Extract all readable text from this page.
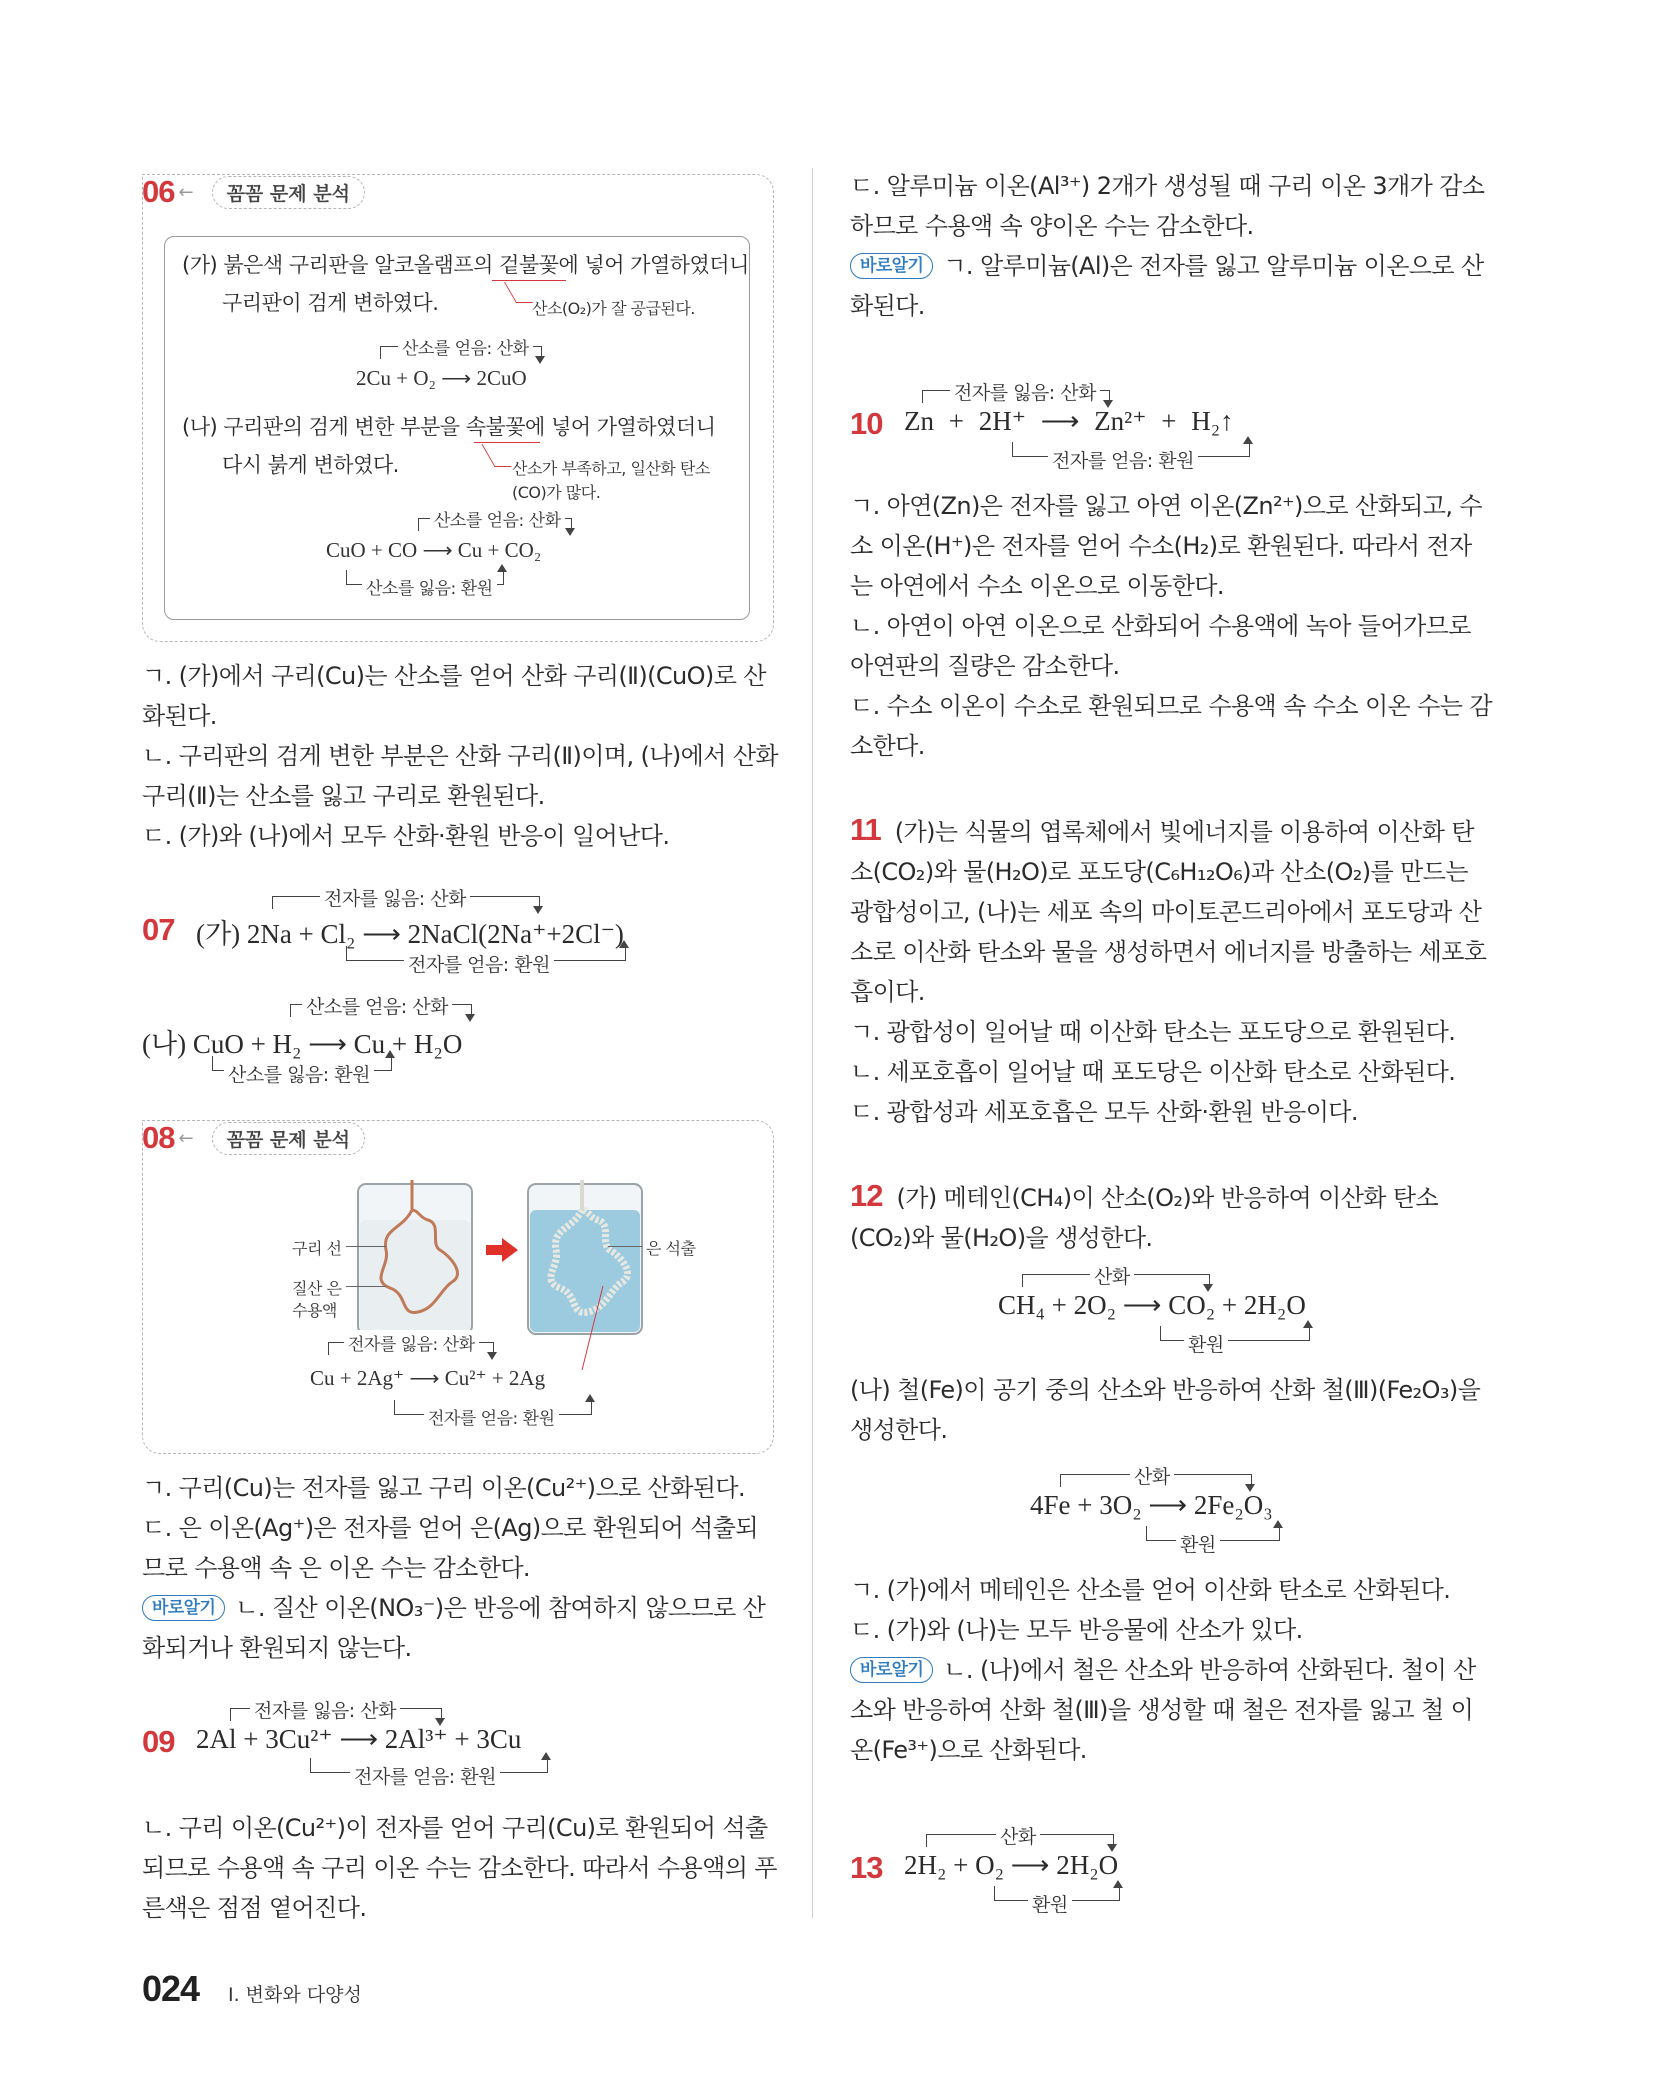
06 ←	꼼꼼 문제 분석
(가) 붉은색 구리판을 알코올램프의 겉불꽃에 넣어 가열하였더니
구리판이 검게 변하였다.	산소(O₂)가 잘 공급된다.
산소를 얻음: 산화
2Cu + O₂ ⟶ 2CuO
(나) 구리판의 검게 변한 부분을 속불꽃에 넣어 가열하였더니
다시 붉게 변하였다.	산소가 부족하고, 일산화 탄소
(CO)가 많다.
산소를 얻음: 산화
CuO + CO ⟶ Cu + CO₂
산소를 잃음: 환원
ㄱ. (가)에서 구리(Cu)는 산소를 얻어 산화 구리(Ⅱ)(CuO)로 산
화된다.
ㄴ. 구리판의 검게 변한 부분은 산화 구리(Ⅱ)이며, (나)에서 산화
구리(Ⅱ)는 산소를 잃고 구리로 환원된다.
ㄷ. (가)와 (나)에서 모두 산화·환원 반응이 일어난다.
전자를 잃음: 산화
07 (가) 2Na + Cl₂ ⟶ 2NaCl(2Na⁺+2Cl⁻)
전자를 얻음: 환원
산소를 얻음: 산화
(나) CuO + H₂ ⟶ Cu + H₂O
산소를 잃음: 환원
08 ←	꼼꼼 문제 분석
구리 선
질산 은
수용액
은 석출
전자를 잃음: 산화
Cu + 2Ag⁺ ⟶ Cu²⁺ + 2Ag
전자를 얻음: 환원
ㄱ. 구리(Cu)는 전자를 잃고 구리 이온(Cu²⁺)으로 산화된다.
ㄷ. 은 이온(Ag⁺)은 전자를 얻어 은(Ag)으로 환원되어 석출되
므로 수용액 속 은 이온 수는 감소한다.
바로알기 ㄴ. 질산 이온(NO₃⁻)은 반응에 참여하지 않으므로 산
화되거나 환원되지 않는다.
전자를 잃음: 산화
09 2Al + 3Cu²⁺ ⟶ 2Al³⁺ + 3Cu
전자를 얻음: 환원
ㄴ. 구리 이온(Cu²⁺)이 전자를 얻어 구리(Cu)로 환원되어 석출
되므로 수용액 속 구리 이온 수는 감소한다. 따라서 수용액의 푸
른색은 점점 옅어진다.
ㄷ. 알루미늄 이온(Al³⁺) 2개가 생성될 때 구리 이온 3개가 감소
하므로 수용액 속 양이온 수는 감소한다.
바로알기 ㄱ. 알루미늄(Al)은 전자를 잃고 알루미늄 이온으로 산
화된다.
전자를 잃음: 산화
10 Zn + 2H⁺ ⟶ Zn²⁺ + H₂↑
전자를 얻음: 환원
ㄱ. 아연(Zn)은 전자를 잃고 아연 이온(Zn²⁺)으로 산화되고, 수
소 이온(H⁺)은 전자를 얻어 수소(H₂)로 환원된다. 따라서 전자
는 아연에서 수소 이온으로 이동한다.
ㄴ. 아연이 아연 이온으로 산화되어 수용액에 녹아 들어가므로
아연판의 질량은 감소한다.
ㄷ. 수소 이온이 수소로 환원되므로 수용액 속 수소 이온 수는 감
소한다.
11 (가)는 식물의 엽록체에서 빛에너지를 이용하여 이산화 탄
소(CO₂)와 물(H₂O)로 포도당(C₆H₁₂O₆)과 산소(O₂)를 만드는
광합성이고, (나)는 세포 속의 마이토콘드리아에서 포도당과 산
소로 이산화 탄소와 물을 생성하면서 에너지를 방출하는 세포호
흡이다.
ㄱ. 광합성이 일어날 때 이산화 탄소는 포도당으로 환원된다.
ㄴ. 세포호흡이 일어날 때 포도당은 이산화 탄소로 산화된다.
ㄷ. 광합성과 세포호흡은 모두 산화·환원 반응이다.
12 (가) 메테인(CH₄)이 산소(O₂)와 반응하여 이산화 탄소
(CO₂)와 물(H₂O)을 생성한다.
산화
CH₄ + 2O₂ ⟶ CO₂ + 2H₂O
환원
(나) 철(Fe)이 공기 중의 산소와 반응하여 산화 철(Ⅲ)(Fe₂O₃)을
생성한다.
산화
4Fe + 3O₂ ⟶ 2Fe₂O₃
환원
ㄱ. (가)에서 메테인은 산소를 얻어 이산화 탄소로 산화된다.
ㄷ. (가)와 (나)는 모두 반응물에 산소가 있다.
바로알기 ㄴ. (나)에서 철은 산소와 반응하여 산화된다. 철이 산
소와 반응하여 산화 철(Ⅲ)을 생성할 때 철은 전자를 잃고 철 이
온(Fe³⁺)으로 산화된다.
산화
13 2H₂ + O₂ ⟶ 2H₂O
환원
024 Ⅰ. 변화와 다양성
